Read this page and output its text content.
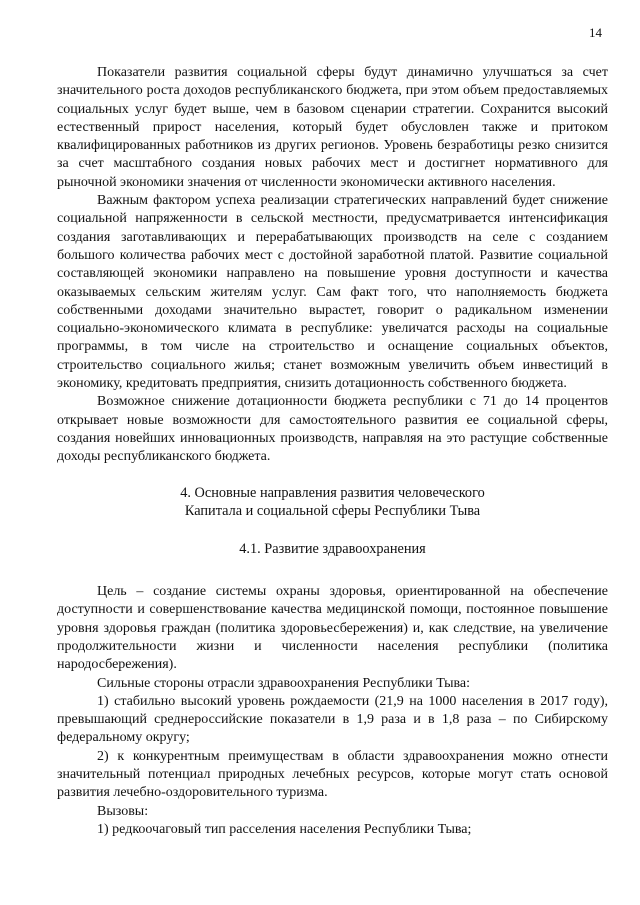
14

Показатели развития социальной сферы будут динамично улучшаться за счет значительного роста доходов республиканского бюджета, при этом объем предоставляемых социальных услуг будет выше, чем в базовом сценарии стратегии. Сохранится высокий естественный прирост населения, который будет обусловлен также и притоком квалифицированных работников из других регионов. Уровень безработицы резко снизится за счет масштабного создания новых рабочих мест и достигнет нормативного для рыночной экономики значения от численности экономически активного населения.

Важным фактором успеха реализации стратегических направлений будет снижение социальной напряженности в сельской местности, предусматривается интенсификация создания заготавливающих и перерабатывающих производств на селе с созданием большого количества рабочих мест с достойной заработной платой. Развитие социальной составляющей экономики направлено на повышение уровня доступности и качества оказываемых сельским жителям услуг. Сам факт того, что наполняемость бюджета собственными доходами значительно вырастет, говорит о радикальном изменении социально-экономического климата в республике: увеличатся расходы на социальные программы, в том числе на строительство и оснащение социальных объектов, строительство социального жилья; станет возможным увеличить объем инвестиций в экономику, кредитовать предприятия, снизить дотационность собственного бюджета.

Возможное снижение дотационности бюджета республики с 71 до 14 процентов открывает новые возможности для самостоятельного развития ее социальной сферы, создания новейших инновационных производств, направляя на это растущие собственные доходы республиканского бюджета.

4. Основные направления развития человеческого
Капитала и социальной сферы Республики Тыва
4.1. Развитие здравоохранения

Цель – создание системы охраны здоровья, ориентированной на обеспечение доступности и совершенствование качества медицинской помощи, постоянное повышение уровня здоровья граждан (политика здоровьесбережения) и, как следствие, на увеличение продолжительности жизни и численности населения республики (политика народосбережения).

Сильные стороны отрасли здравоохранения Республики Тыва:

1) стабильно высокий уровень рождаемости (21,9 на 1000 населения в 2017 году), превышающий среднероссийские показатели в 1,9 раза и в 1,8 раза – по Сибирскому федеральному округу;

2) к конкурентным преимуществам в области здравоохранения можно отнести значительный потенциал природных лечебных ресурсов, которые могут стать основой развития лечебно-оздоровительного туризма.

Вызовы:

1) редкоочаговый тип расселения населения Республики Тыва;
